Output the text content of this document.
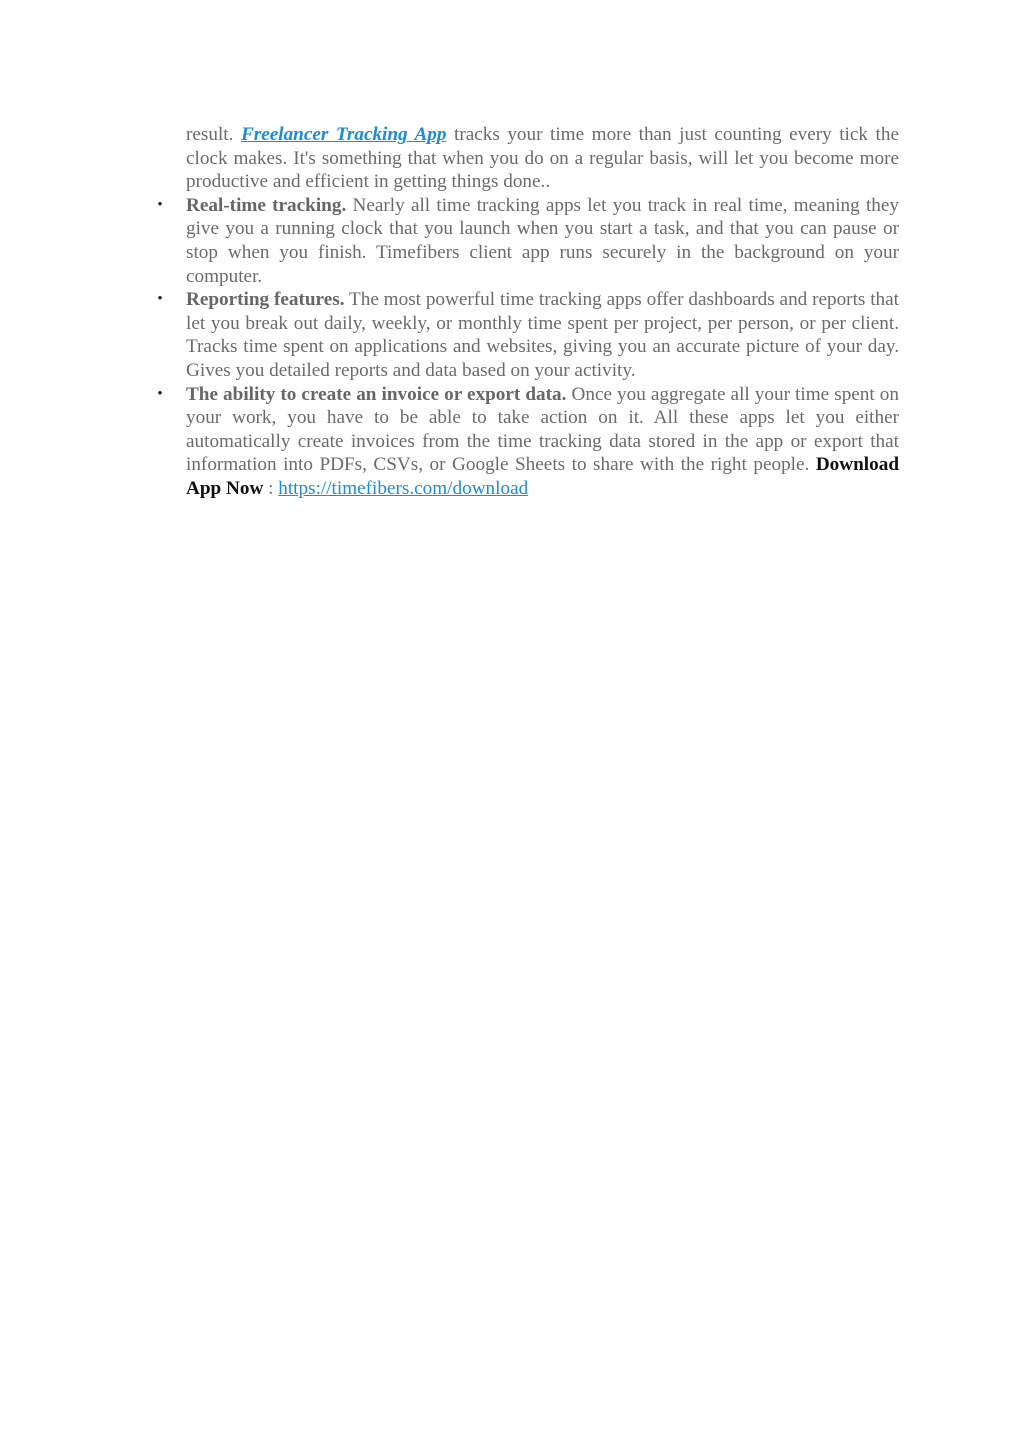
result. Freelancer Tracking App tracks your time more than just counting every tick the clock makes. It's something that when you do on a regular basis, will let you become more productive and efficient in getting things done..

• Real-time tracking. Nearly all time tracking apps let you track in real time, meaning they give you a running clock that you launch when you start a task, and that you can pause or stop when you finish. Timefibers client app runs securely in the background on your computer.
• Reporting features. The most powerful time tracking apps offer dashboards and reports that let you break out daily, weekly, or monthly time spent per project, per person, or per client. Tracks time spent on applications and websites, giving you an accurate picture of your day. Gives you detailed reports and data based on your activity.
• The ability to create an invoice or export data. Once you aggregate all your time spent on your work, you have to be able to take action on it. All these apps let you either automatically create invoices from the time tracking data stored in the app or export that information into PDFs, CSVs, or Google Sheets to share with the right people. Download App Now : https://timefibers.com/download
